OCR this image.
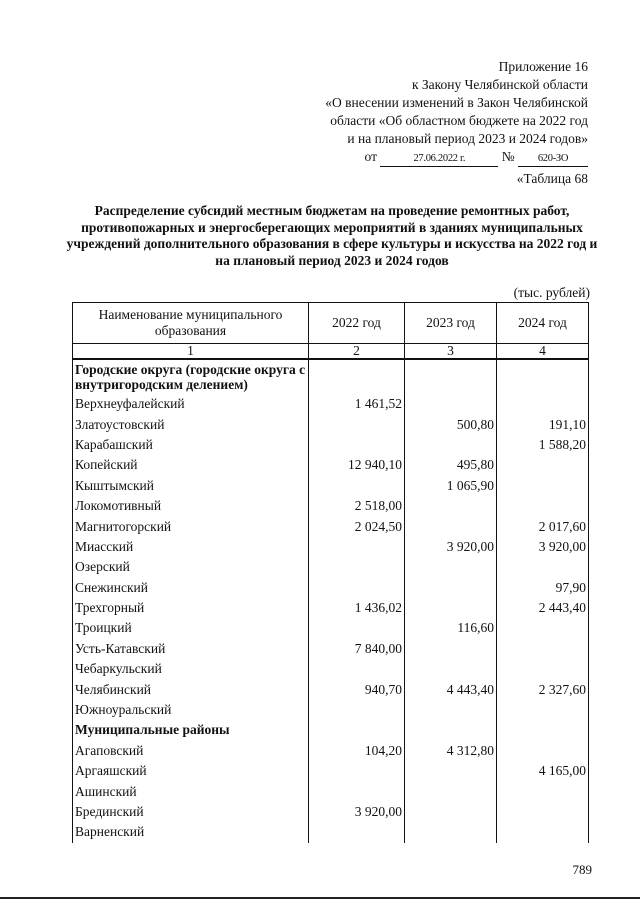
Приложение 16
к Закону Челябинской области
«О внесении изменений в Закон Челябинской
области «Об областном бюджете на 2022 год
и на плановый период 2023 и 2024 годов»
от	27.06.2022 г.	№ 620-ЗО
«Таблица 68
Распределение субсидий местным бюджетам на проведение ремонтных работ, противопожарных и энергосберегающих мероприятий в зданиях муниципальных учреждений дополнительного образования в сфере культуры и искусства на 2022 год и на плановый период 2023 и 2024 годов
(тыс. рублей)
Наименование муниципального образования	2022 год	2023 год	2024 год
1	2	3	4
Городские округа (городские округа с внутригородским делением)			
Верхнеуфалейский	1 461,52		
Златоустовский		500,80	191,10
Карабашский			1 588,20
Копейский	12 940,10	495,80	
Кыштымский		1 065,90	
Локомотивный	2 518,00		
Магнитогорский	2 024,50		2 017,60
Миасский		3 920,00	3 920,00
Озерский			
Снежинский			97,90
Трехгорный	1 436,02		2 443,40
Троицкий		116,60	
Усть-Катавский	7 840,00		
Чебаркульский			
Челябинский	940,70	4 443,40	2 327,60
Южноуральский			
Муниципальные районы			
Агаповский	104,20	4 312,80	
Аргаяшский			4 165,00
Ашинский			
Брединский	3 920,00		
Варненский			
789
